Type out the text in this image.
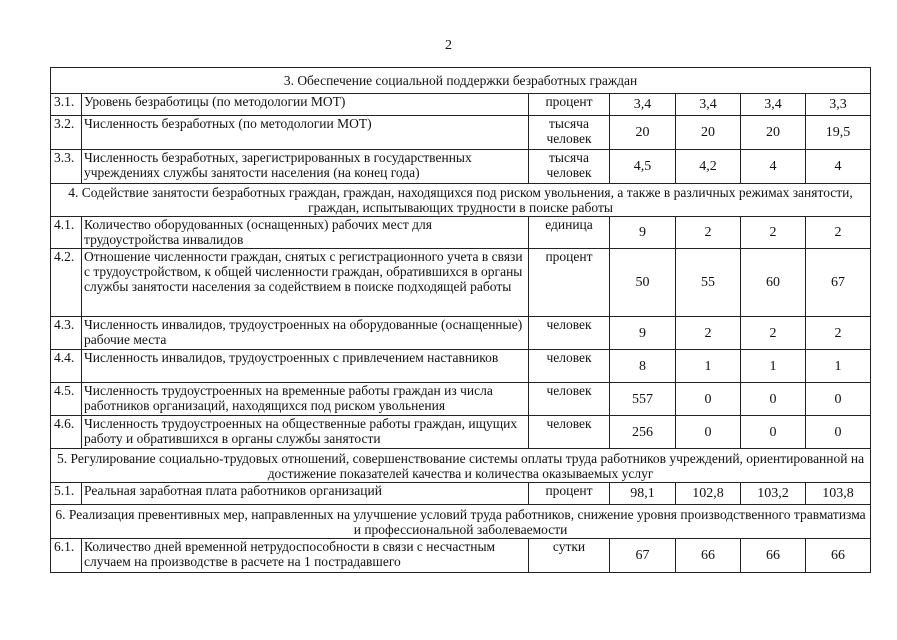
2
3. Обеспечение социальной поддержки безработных граждан						
3.1.	Уровень безработицы (по методологии МОТ)	процент	3,4	3,4	3,4	3,3
3.2.	Численность безработных (по методологии МОТ)	тысяча человек	20	20	20	19,5
3.3.	Численность безработных, зарегистрированных в государственных учреждениях службы занятости населения (на конец года)	тысяча человек	4,5	4,2	4	4
4. Содействие занятости безработных граждан, граждан, находящихся под риском увольнения, а также в различных режимах занятости, граждан, испытывающих трудности в поиске работы						
4.1.	Количество оборудованных (оснащенных) рабочих мест для трудоустройства инвалидов	единица	9	2	2	2
4.2.	Отношение численности граждан, снятых с регистрационного учета в связи с трудоустройством, к общей численности граждан, обратившихся в органы службы занятости населения за содействием в поиске подходящей работы	процент	50	55	60	67
4.3.	Численность инвалидов, трудоустроенных на оборудованные (оснащенные) рабочие места	человек	9	2	2	2
4.4.	Численность инвалидов, трудоустроенных с привлечением наставников	человек	8	1	1	1
4.5.	Численность трудоустроенных на временные работы граждан из числа работников организаций, находящихся под риском увольнения	человек	557	0	0	0
4.6.	Численность трудоустроенных на общественные работы граждан, ищущих работу и обратившихся в органы службы занятости	человек	256	0	0	0
5. Регулирование социально-трудовых отношений, совершенствование системы оплаты труда работников учреждений, ориентированной на достижение показателей качества и количества оказываемых услуг						
5.1.	Реальная заработная плата работников организаций	процент	98,1	102,8	103,2	103,8
6. Реализация превентивных мер, направленных на улучшение условий труда работников, снижение уровня производственного травматизма и профессиональной заболеваемости						
6.1.	Количество дней временной нетрудоспособности в связи с несчастным случаем на производстве в расчете на 1 пострадавшего	сутки	67	66	66	66
